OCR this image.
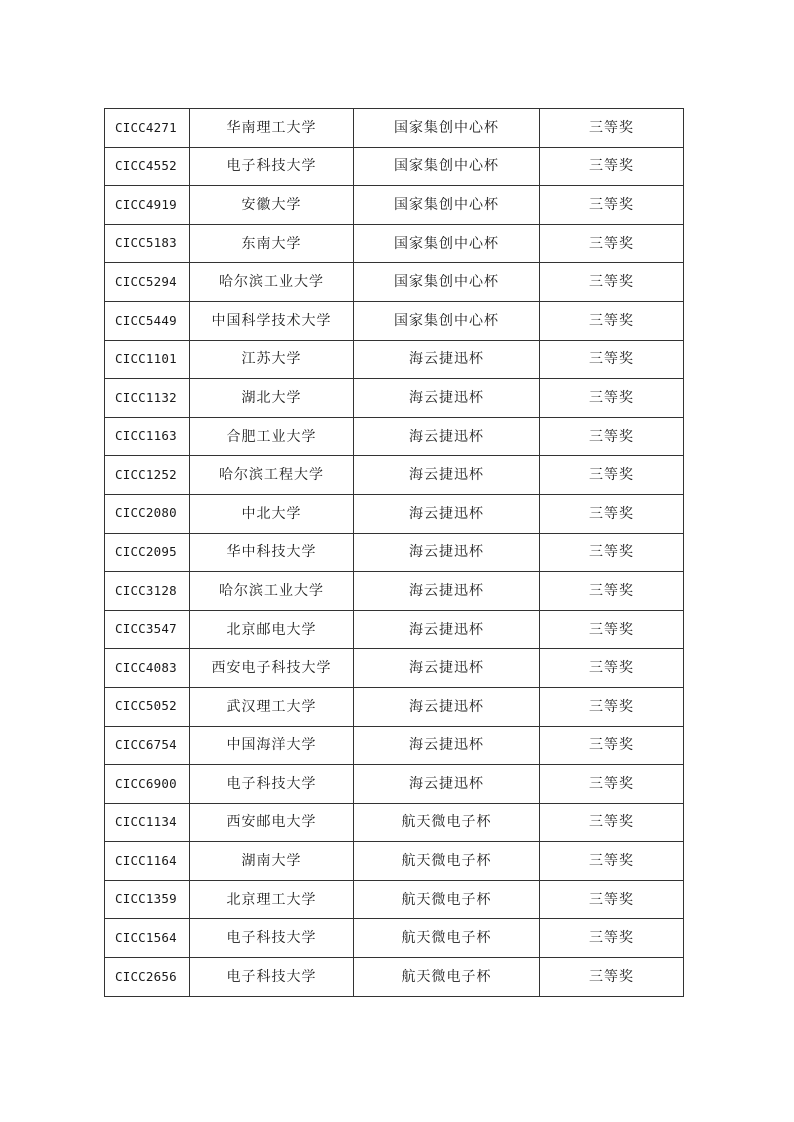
CICC4271	华南理工大学	国家集创中心杯	三等奖
CICC4552	电子科技大学	国家集创中心杯	三等奖
CICC4919	安徽大学	国家集创中心杯	三等奖
CICC5183	东南大学	国家集创中心杯	三等奖
CICC5294	哈尔滨工业大学	国家集创中心杯	三等奖
CICC5449	中国科学技术大学	国家集创中心杯	三等奖
CICC1101	江苏大学	海云捷迅杯	三等奖
CICC1132	湖北大学	海云捷迅杯	三等奖
CICC1163	合肥工业大学	海云捷迅杯	三等奖
CICC1252	哈尔滨工程大学	海云捷迅杯	三等奖
CICC2080	中北大学	海云捷迅杯	三等奖
CICC2095	华中科技大学	海云捷迅杯	三等奖
CICC3128	哈尔滨工业大学	海云捷迅杯	三等奖
CICC3547	北京邮电大学	海云捷迅杯	三等奖
CICC4083	西安电子科技大学	海云捷迅杯	三等奖
CICC5052	武汉理工大学	海云捷迅杯	三等奖
CICC6754	中国海洋大学	海云捷迅杯	三等奖
CICC6900	电子科技大学	海云捷迅杯	三等奖
CICC1134	西安邮电大学	航天微电子杯	三等奖
CICC1164	湖南大学	航天微电子杯	三等奖
CICC1359	北京理工大学	航天微电子杯	三等奖
CICC1564	电子科技大学	航天微电子杯	三等奖
CICC2656	电子科技大学	航天微电子杯	三等奖
